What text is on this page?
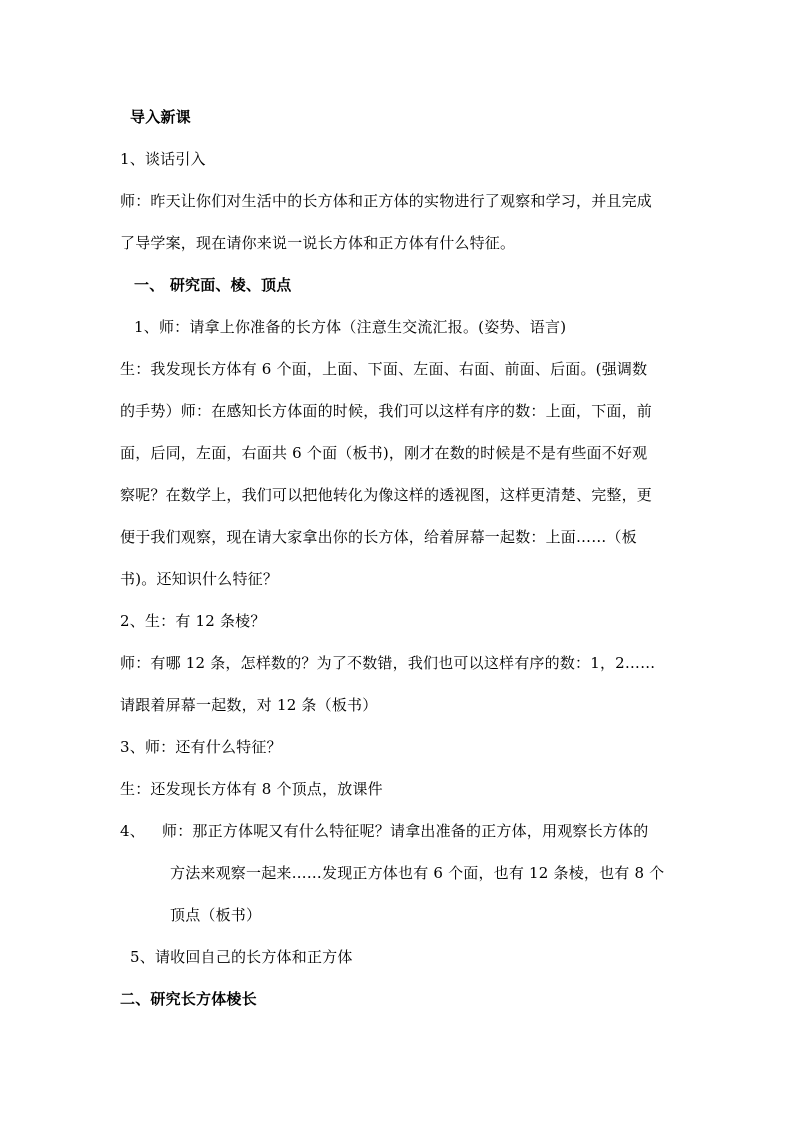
导入新课
1、谈话引入
师：昨天让你们对生活中的长方体和正方体的实物进行了观察和学习，并且完成
了导学案，现在请你来说一说长方体和正方体有什么特征。
一、 研究面、棱、顶点
1、师：请拿上你准备的长方体（注意生交流汇报。(姿势、语言)
生：我发现长方体有 6 个面，上面、下面、左面、右面、前面、后面。(强调数
的手势）师：在感知长方体面的时候，我们可以这样有序的数：上面，下面，前
面，后同，左面，右面共 6 个面（板书)，刚才在数的时候是不是有些面不好观
察呢？在数学上，我们可以把他转化为像这样的透视图，这样更清楚、完整，更
便于我们观察，现在请大家拿出你的长方体，给着屏幕一起数：上面……（板
书)。还知识什么特征？
2、生：有 12 条棱？
师：有哪 12 条，怎样数的？为了不数错，我们也可以这样有序的数：1，2……
请跟着屏幕一起数，对 12 条（板书）
3、师：还有什么特征？
生：还发现长方体有 8 个顶点，放课件
4、 师：那正方体呢又有什么特征呢？请拿出准备的正方体，用观察长方体的
方法来观察一起来……发现正方体也有 6 个面，也有 12 条棱，也有 8 个
顶点（板书）
5、请收回自己的长方体和正方体
二、研究长方体棱长
